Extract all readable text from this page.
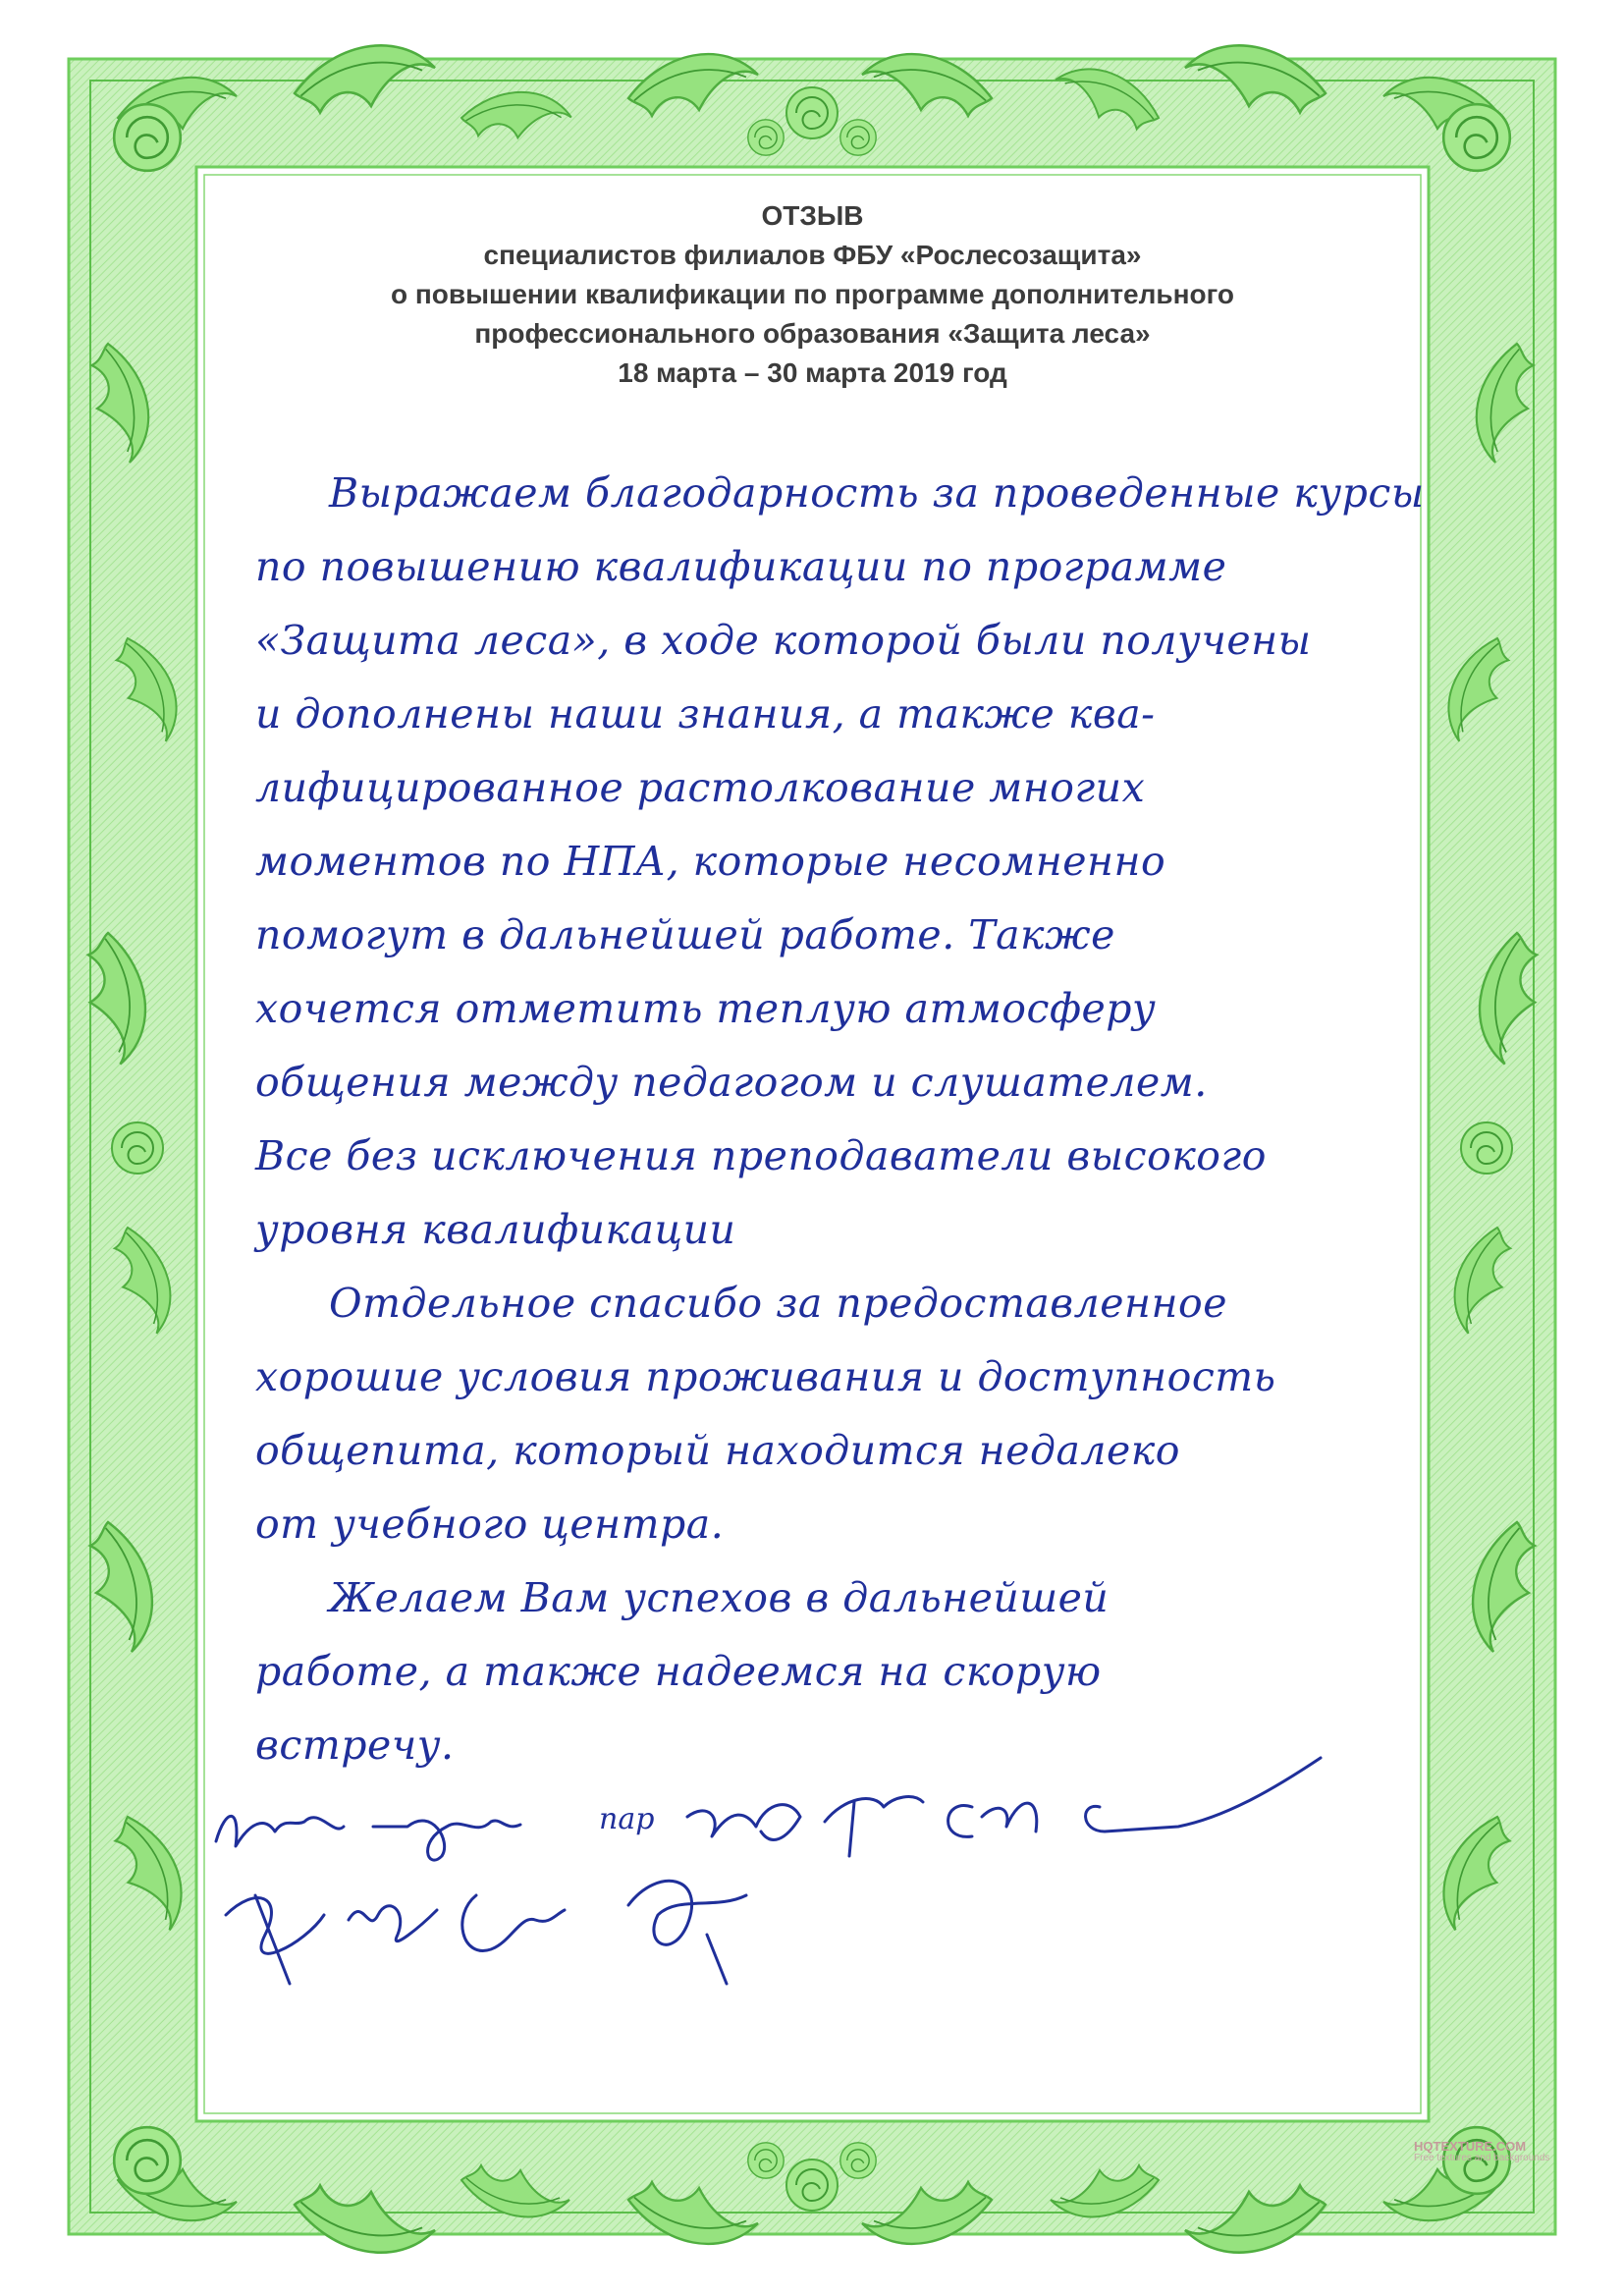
ОТЗЫВ
специалистов филиалов ФБУ «Рослесозащита»
о повышении квалификации по программе дополнительного
профессионального образования «Защита леса»
18 марта – 30 марта 2019 год
Выражаем благодарность за проведенные курсы
по повышению квалификации по программе
«Защита леса», в ходе которой были получены
и дополнены наши знания, а также ква-
лифицированное растолкование многих
моментов по НПА, которые несомненно
помогут в дальнейшей работе. Также
хочется отметить теплую атмосферу
общения между педагогом и слушателем.
Все без исключения преподаватели высокого
уровня квалификации
Отдельное спасибо за предоставленное
хорошие условия проживания и доступность
общепита, который находится недалеко
от учебного центра.
Желаем Вам успехов в дальнейшей
работе, а также надеемся на скорую
встречу.
пар
HQTEXTURE.COM
Free textures and backgrounds
